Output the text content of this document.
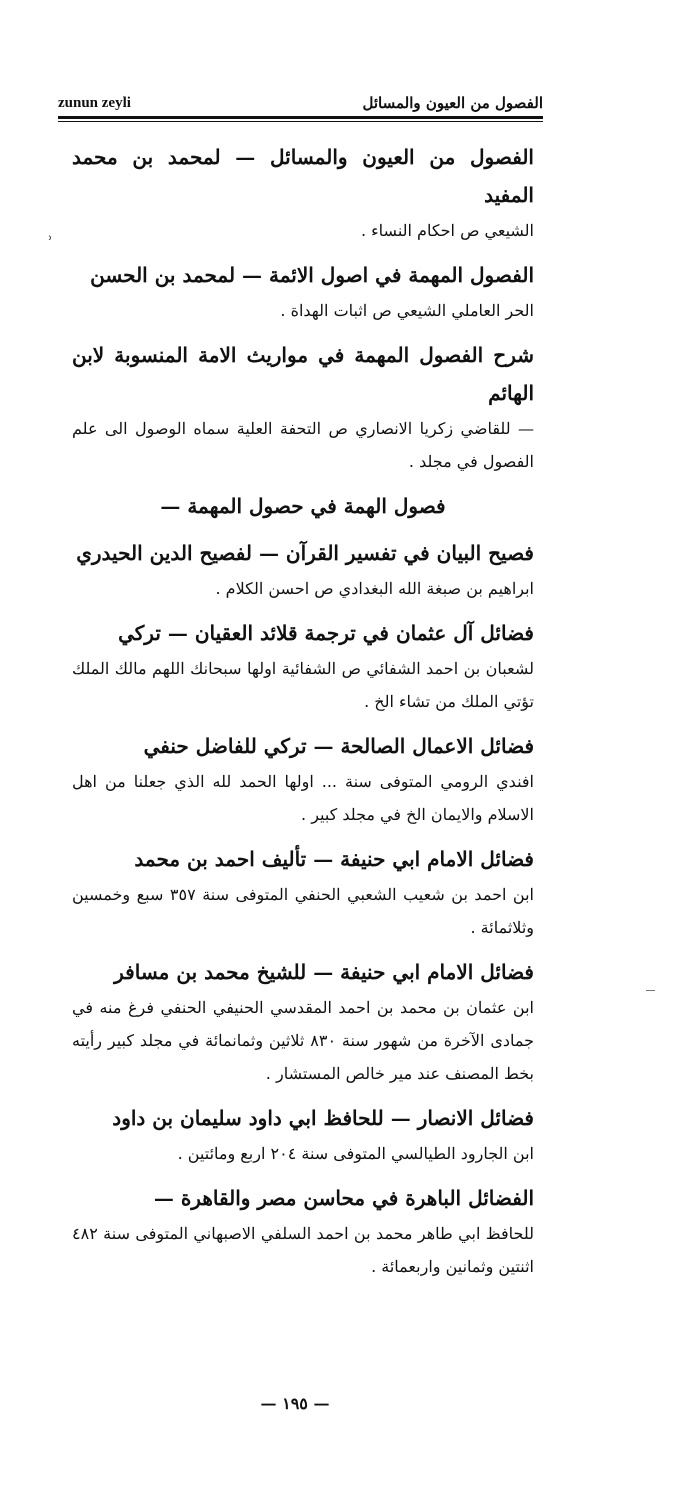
zunun zeyli	الفصول من العيون والمسائل
ʾ

الفصول من العيون والمسائل — لمحمد بن محمد المفيد

الشيعي ص احكام النساء .

الفصول المهمة في اصول الائمة — لمحمد بن الحسن

الحر العاملي الشيعي ص اثبات الهداة .

شرح الفصول المهمة في مواريث الامة المنسوبة لابن الهائم

— للقاضي زكريا الانصاري ص التحفة العلية سماه الوصول الى علم الفصول في مجلد .

فصول الهمة في حصول المهمة —

فصيح البيان في تفسير القرآن — لفصيح الدين الحيدري

ابراهيم بن صبغة الله البغدادي ص احسن الكلام .

فضائل آل عثمان في ترجمة قلائد العقيان — تركي

لشعبان بن احمد الشفائي ص الشفائية اولها سبحانك اللهم مالك الملك تؤتي الملك من تشاء الخ .

فضائل الاعمال الصالحة — تركي للفاضل حنفي

افندي الرومي المتوفى سنة ... اولها الحمد لله الذي جعلنا من اهل الاسلام والايمان الخ في مجلد كبير .

فضائل الامام ابي حنيفة — تأليف احمد بن محمد

ابن احمد بن شعيب الشعبي الحنفي المتوفى سنة ٣٥٧ سبع وخمسين وثلاثمائة .

فضائل الامام ابي حنيفة — للشيخ محمد بن مسافر

ابن عثمان بن محمد بن احمد المقدسي الحنيفي الحنفي فرغ منه في جمادى الآخرة من شهور سنة ٨٣٠ ثلاثين وثمانمائة في مجلد كبير رأيته بخط المصنف عند مير خالص المستشار .

فضائل الانصار — للحافظ ابي داود سليمان بن داود

ابن الجارود الطيالسي المتوفى سنة ٢٠٤ اربع ومائتين .

الفضائل الباهرة في محاسن مصر والقاهرة —

للحافظ ابي طاهر محمد بن احمد السلفي الاصبهاني المتوفى سنة ٤٨٢ اثنتين وثمانين واربعمائة .

— ١٩٥ —
